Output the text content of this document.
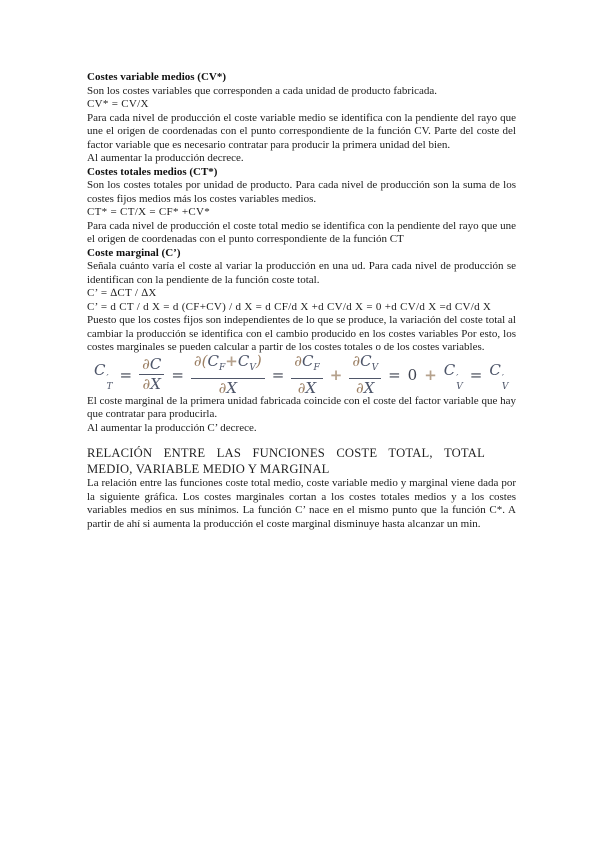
Costes variable medios (CV*)

Son los costes variables que corresponden a cada unidad de producto fabricada.

CV* = CV/X

Para cada nivel de producción el coste variable medio se identifica con la pendiente del rayo que une el origen de coordenadas con el punto correspondiente de la función CV. Parte del coste del factor variable que es necesario contratar para producir la primera unidad del bien.
Al aumentar la producción decrece.

Costes totales medios (CT*)

Son los costes totales por unidad de producto. Para cada nivel de producción son la suma de los costes fijos medios más los costes variables medios.

CT* = CT/X = CF* +CV*
Para cada nivel de producción el coste total medio se identifica con la pendiente del rayo que une el origen de coordenadas con el punto correspondiente de la función CT

Coste marginal (C’)

Señala cuánto varía el coste al variar la producción en una ud. Para cada nivel de producción se identifican con la pendiente de la función coste total.

C’ = ∆CT / ∆X
C’ = d CT / d X = d (CF+CV) / d X = d CF/d X +d CV/d X = 0 +d CV/d X =d CV/d X

Puesto que los costes fijos son independientes de lo que se produce, la variación del coste total al cambiar la producción se identifica con el cambio producido en los costes variables Por esto, los costes marginales se pueden calcular a partir de los costes totales o de los costes variables.

C ′
T
= $\frac{\partial C}{\partial X} = \frac{\partial(C_F+C_V)}{\partial X} = \frac{\partial C_F}{\partial X} + \frac{\partial C_V}{\partial X} = 0 + C$ ′
V
= C ′
V

El coste marginal de la primera unidad fabricada coincide con el coste del factor variable que hay que contratar para producirla.
Al aumentar la producción C’ decrece.

RELACIÓN ENTRE LAS FUNCIONES COSTE TOTAL, TOTAL
MEDIO, VARIABLE MEDIO Y MARGINAL

La relación entre las funciones coste total medio, coste variable medio y marginal viene dada por la siguiente gráfica. Los costes marginales cortan a los costes totales medios y a los costes variables medios en sus mínimos. La función C’ nace en el mismo punto que la función C*. A partir de ahí si aumenta la producción el coste marginal disminuye hasta alcanzar un min.
